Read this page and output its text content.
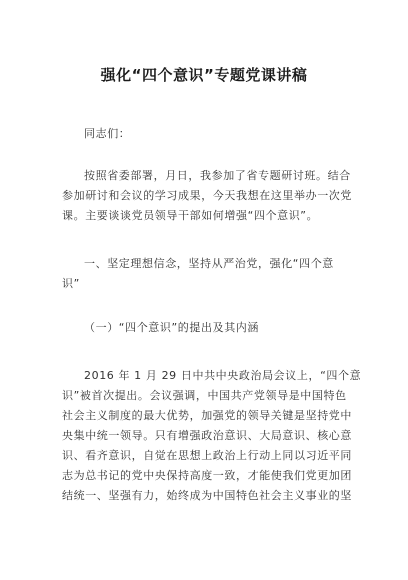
强化“四个意识”专题党课讲稿

同志们：

按照省委部署，月日，我参加了省专题研讨班。结合
参加研讨和会议的学习成果，今天我想在这里举办一次党
课。主要谈谈党员领导干部如何增强“四个意识”。

一、坚定理想信念，坚持从严治党，强化“四个意
识”

（一）“四个意识”的提出及其内涵

2016 年 1 月 29 日中共中央政治局会议上，“四个意
识”被首次提出。会议强调，中国共产党领导是中国特色
社会主义制度的最大优势，加强党的领导关键是坚持党中
央集中统一领导。只有增强政治意识、大局意识、核心意
识、看齐意识，自觉在思想上政治上行动上同以习近平同
志为总书记的党中央保持高度一致，才能使我们党更加团
结统一、坚强有力，始终成为中国特色社会主义事业的坚
